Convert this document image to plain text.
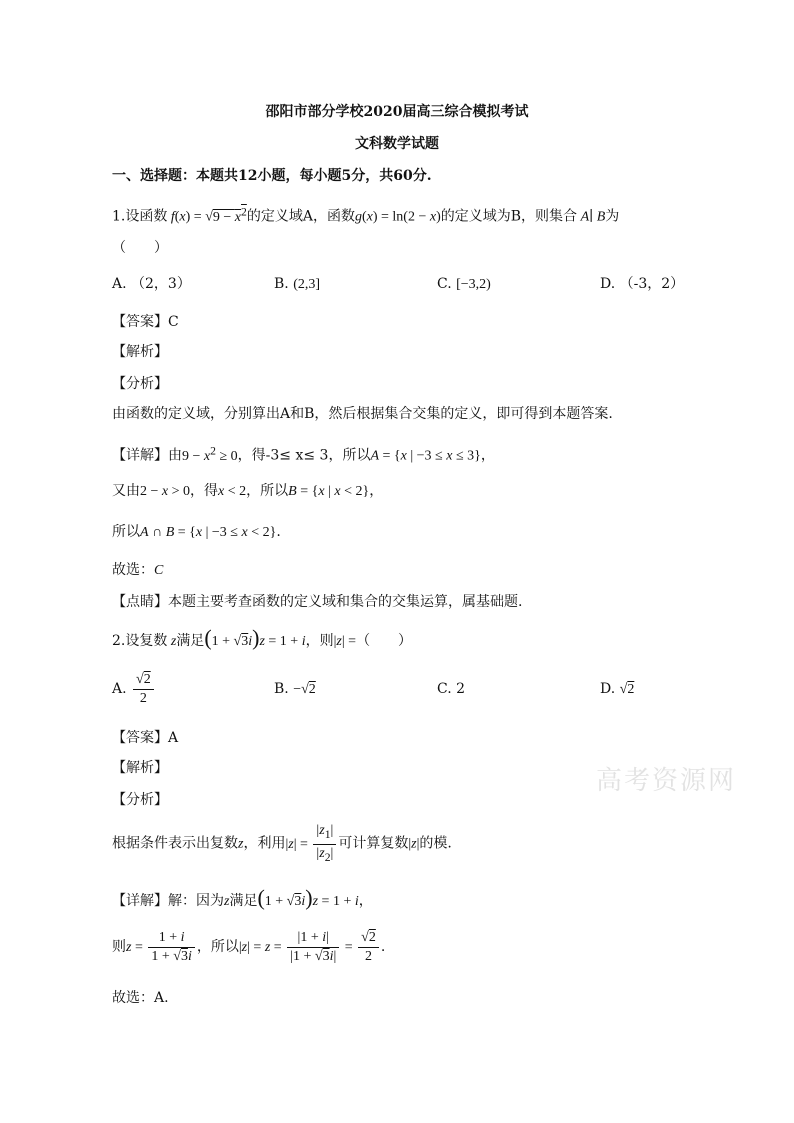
邵阳市部分学校2020届高三综合模拟考试
文科数学试题
一、选择题：本题共12小题，每小题5分，共60分.
1.设函数 $f(x) = √9 - x^2$的定义域A，函数g(x) = ln(2 − x)的定义域为B，则集合 A∣ B为
（　　）
A. （2，3）	B. (2,3]	C. [−3,2)	D. （-3，2）
【答案】C
【解析】
【分析】
由函数的定义域，分别算出A和B，然后根据集合交集的定义，即可得到本题答案.
【详解】由$9 - x^2 \ge 0$，得-3≤ x≤ 3，所以A = {x | −3 ≤ x ≤ 3}，
又由2 − x > 0，得x < 2，所以B = {x | x < 2}，
所以A ∩ B = {x | −3 ≤ x < 2}.
故选：C
【点睛】本题主要考查函数的定义域和集合的交集运算，属基础题.
2.设复数 z满足(1 + √3i)z = 1 + i，则|z| =（　　）
A. $\frac{√2}{2}$	B. −√2	C. 2	D. √2
【答案】A
【解析】
【分析】
根据条件表示出复数z，利用$|z| = \frac{|z_1|}{|z_2|}$ 可计算复数|z|的模.
【详解】解：因为z满足(1 + √3i)z = 1 + i，
则$z = \frac{1 + i}{1 + √3i}$ ，所以$|z| = z = \frac{|1 + i|}{|1 + √3i|} = \frac{√2}{2}$ .
故选：A.
高考资源网
